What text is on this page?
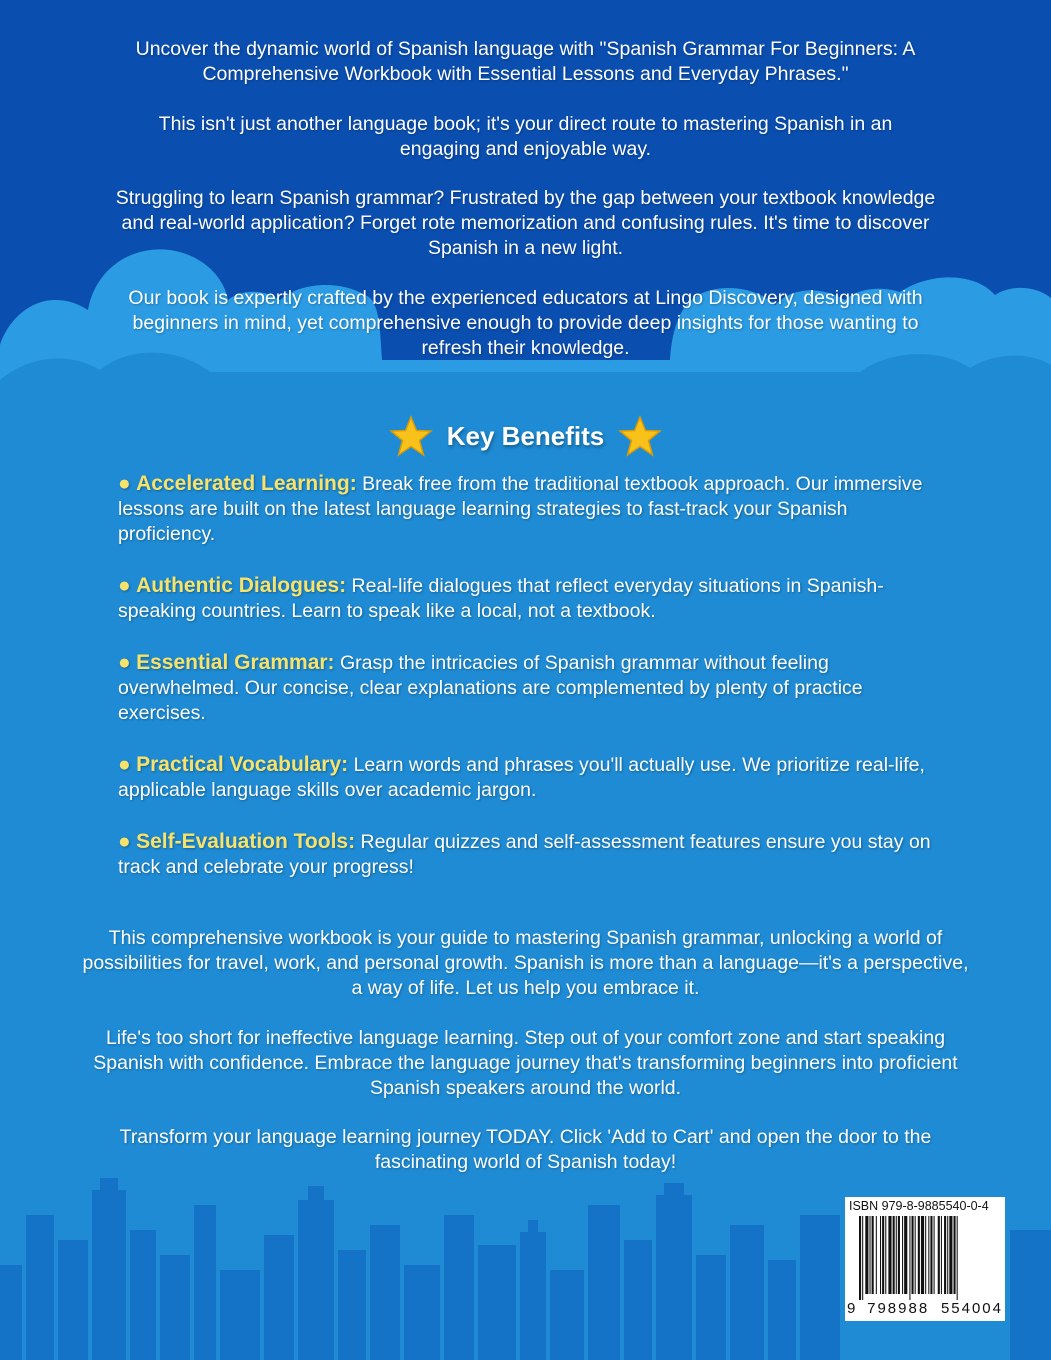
Uncover the dynamic world of Spanish language with "Spanish Grammar For Beginners: A Comprehensive Workbook with Essential Lessons and Everyday Phrases."

This isn't just another language book; it's your direct route to mastering Spanish in an engaging and enjoyable way.

Struggling to learn Spanish grammar? Frustrated by the gap between your textbook knowledge and real-world application? Forget rote memorization and confusing rules. It's time to discover Spanish in a new light.

Our book is expertly crafted by the experienced educators at Lingo Discovery, designed with beginners in mind, yet comprehensive enough to provide deep insights for those wanting to refresh their knowledge.

Key Benefits
● Accelerated Learning: Break free from the traditional textbook approach. Our immersive lessons are built on the latest language learning strategies to fast-track your Spanish proficiency.
● Authentic Dialogues: Real-life dialogues that reflect everyday situations in Spanish-speaking countries. Learn to speak like a local, not a textbook.
● Essential Grammar: Grasp the intricacies of Spanish grammar without feeling overwhelmed. Our concise, clear explanations are complemented by plenty of practice exercises.
● Practical Vocabulary: Learn words and phrases you'll actually use. We prioritize real-life, applicable language skills over academic jargon.
● Self-Evaluation Tools: Regular quizzes and self-assessment features ensure you stay on track and celebrate your progress!

This comprehensive workbook is your guide to mastering Spanish grammar, unlocking a world of possibilities for travel, work, and personal growth. Spanish is more than a language—it's a perspective, a way of life. Let us help you embrace it.

Life's too short for ineffective language learning. Step out of your comfort zone and start speaking Spanish with confidence. Embrace the language journey that's transforming beginners into proficient Spanish speakers around the world.

Transform your language learning journey TODAY. Click 'Add to Cart' and open the door to the fascinating world of Spanish today!

ISBN 979-8-9885540-0-4
9 798988 554004
